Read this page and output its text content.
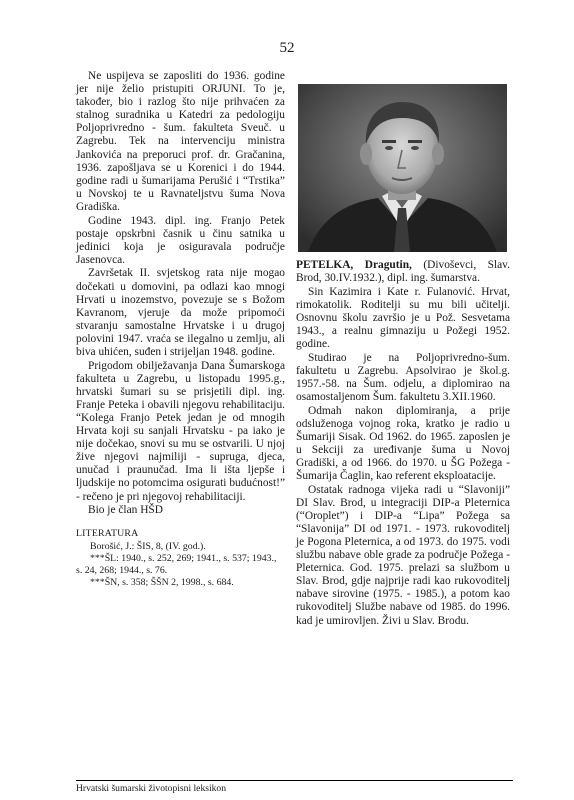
52

Ne uspijeva se zaposliti do 1936. godine jer nije želio pristupiti ORJUNI. To je, također, bio i razlog što nije prihvaćen za stalnog suradnika u Katedri za pedologiju Poljoprivredno - šum. fakulteta Sveuč. u Zagrebu. Tek na intervenciju ministra Jankovića na preporuci prof. dr. Gračanina, 1936. zapošljava se u Korenici i do 1944. godine radi u šumarijama Perušić i “Trstika” u Novskoj te u Ravnateljstvu šuma Nova Gradiška.

Godine 1943. dipl. ing. Franjo Petek postaje opskrbni časnik u činu satnika u jedinici koja je osiguravala područje Jasenovca.

Završetak II. svjetskog rata nije mogao dočekati u domovini, pa odlazi kao mnogi Hrvati u inozemstvo, povezuje se s Božom Kavranom, vjeruje da može pripomoći stvaranju samostalne Hrvatske i u drugoj polovini 1947. vraća se ilegalno u zemlju, ali biva uhićen, suđen i strijeljan 1948. godine.

Prigodom obilježavanja Dana Šumarskoga fakulteta u Zagrebu, u listopadu 1995.g., hrvatski šumari su se prisjetili dipl. ing. Franje Peteka i obavili njegovu rehabilitaciju. “Kolega Franjo Petek jedan je od mnogih Hrvata koji su sanjali Hrvatsku - pa iako je nije dočekao, snovi su mu se ostvarili. U njoj žive njegovi najmiliji - supruga, djeca, unučad i praunučad. Ima li išta ljepše i ljudskije no potomcima osigurati budućnost!” - rečeno je pri njegovoj rehabilitaciji.

Bio je član HŠD

LITERATURA

Borošić, J.: ŠIS, 8, (IV. god.).

***ŠL: 1940., s. 252, 269; 1941., s. 537; 1943., s. 24, 268; 1944., s. 76.

***ŠN, s. 358; ŠŠN 2, 1998., s. 684.

PETELKA, Dragutin, (Divoševci, Slav. Brod, 30.IV.1932.), dipl. ing. šumarstva.

Sin Kazimira i Kate r. Fulanović. Hrvat, rimokatolik. Roditelji su mu bili učitelji. Osnovnu školu završio je u Pož. Sesvetama 1943., a realnu gimnaziju u Požegi 1952. godine.

Studirao je na Poljoprivredno-šum. fakultetu u Zagrebu. Apsolvirao je škol.g. 1957.-58. na Šum. odjelu, a diplomirao na osamostaljenom Šum. fakultetu 3.XII.1960.

Odmah nakon diplomiranja, a prije odsluženoga vojnog roka, kratko je radio u Šumariji Sisak. Od 1962. do 1965. zaposlen je u Sekciji za uređivanje šuma u Novoj Gradiški, a od 1966. do 1970. u ŠG Požega - Šumarija Čaglin, kao referent eksploatacije.

Ostatak radnoga vijeka radi u “Slavoniji” DI Slav. Brod, u integraciji DIP-a Pleternica (“Oroplet”) i DIP-a “Lipa” Požega sa “Slavonija” DI od 1971. - 1973. rukovoditelj je Pogona Pleternica, a od 1973. do 1975. vodi službu nabave oble grade za područje Požega - Pleternica. God. 1975. prelazi sa službom u Slav. Brod, gdje najprije radi kao rukovoditelj nabave sirovine (1975. - 1985.), a potom kao rukovoditelj Službe nabave od 1985. do 1996. kad je umirovljen. Živi u Slav. Brodu.

Hrvatski šumarski životopisni leksikon
